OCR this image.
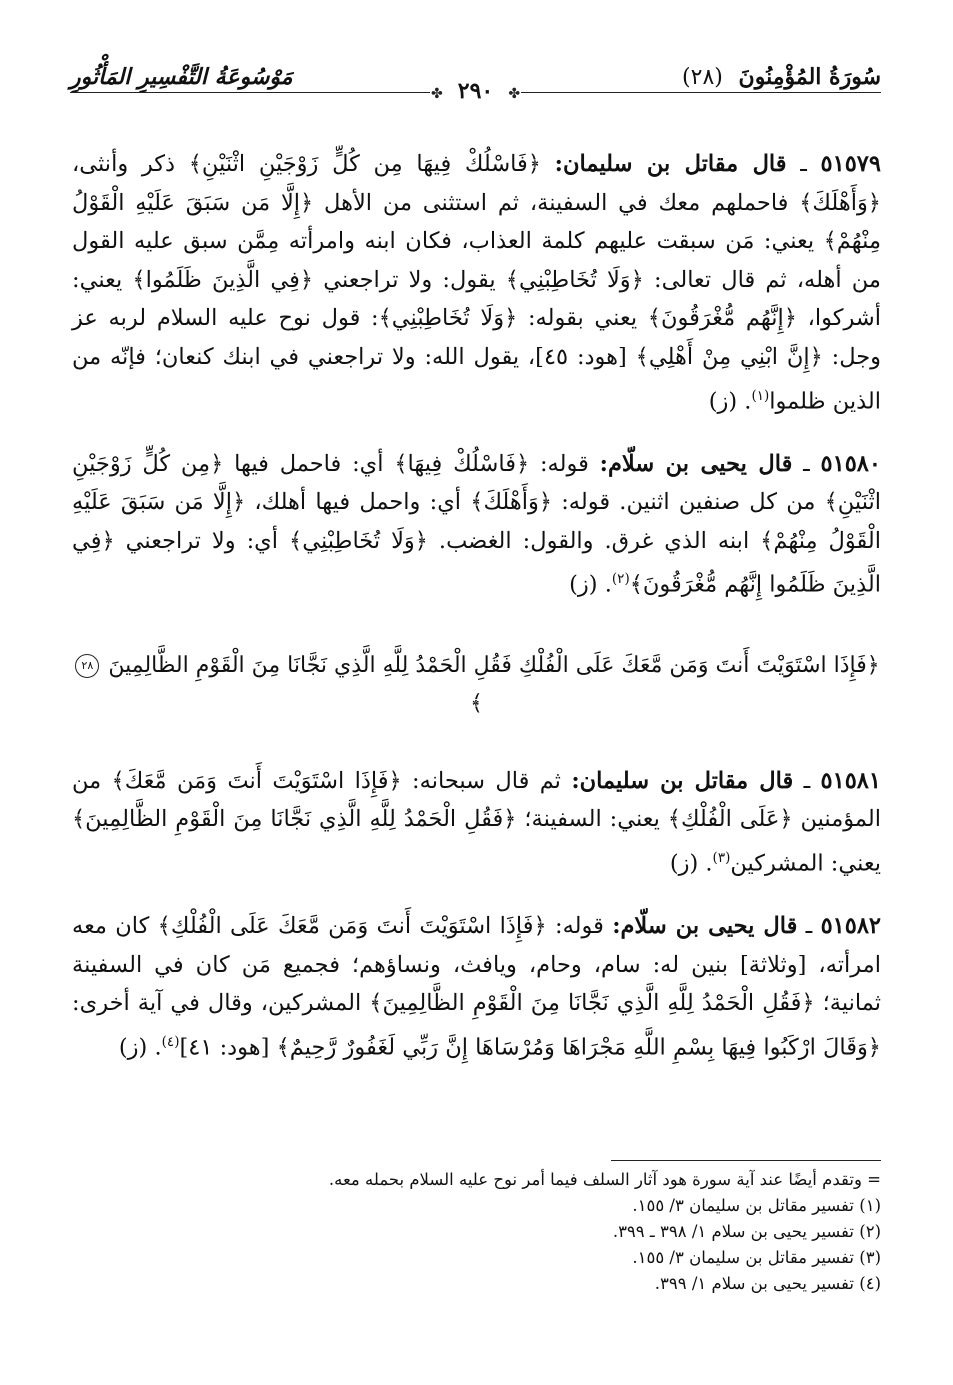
سُورَةُ المُؤْمِنُونَ (٢٨)
مَوْسُوعَةُ التَّفْسِيرِ المَأْثُورِ
✤ ٢٩٠ ✤

٥١٥٧٩ ـ قال مقاتل بن سليمان: ﴿فَاسْلُكْ فِيهَا مِن كُلٍّ زَوْجَيْنِ اثْنَيْنِ﴾ ذكر وأنثى، ﴿وَأَهْلَكَ﴾ فاحملهم معك في السفينة، ثم استثنى من الأهل ﴿إِلَّا مَن سَبَقَ عَلَيْهِ الْقَوْلُ مِنْهُمْ﴾ يعني: مَن سبقت عليهم كلمة العذاب، فكان ابنه وامرأته مِمَّن سبق عليه القول من أهله، ثم قال تعالى: ﴿وَلَا تُخَاطِبْنِي﴾ يقول: ولا تراجعني ﴿فِي الَّذِينَ ظَلَمُوا﴾ يعني: أشركوا، ﴿إِنَّهُم مُّغْرَقُونَ﴾ يعني بقوله: ﴿وَلَا تُخَاطِبْنِي﴾: قول نوح عليه السلام لربه عز وجل: ﴿إِنَّ ابْنِي مِنْ أَهْلِي﴾ [هود: ٤٥]، يقول الله: ولا تراجعني في ابنك كنعان؛ فإنّه من الذين ظلموا$^{(١)}$. (ز)

٥١٥٨٠ ـ قال يحيى بن سلّام: قوله: ﴿فَاسْلُكْ فِيهَا﴾ أي: فاحمل فيها ﴿مِن كُلٍّ زَوْجَيْنِ اثْنَيْنِ﴾ من كل صنفين اثنين. قوله: ﴿وَأَهْلَكَ﴾ أي: واحمل فيها أهلك، ﴿إِلَّا مَن سَبَقَ عَلَيْهِ الْقَوْلُ مِنْهُمْ﴾ ابنه الذي غرق. والقول: الغضب. ﴿وَلَا تُخَاطِبْنِي﴾ أي: ولا تراجعني ﴿فِي الَّذِينَ ظَلَمُوا إِنَّهُم مُّغْرَقُونَ﴾$^{(٢)}$. (ز)

﴿فَإِذَا اسْتَوَيْتَ أَنتَ وَمَن مَّعَكَ عَلَى الْفُلْكِ فَقُلِ الْحَمْدُ لِلَّهِ الَّذِي نَجَّانَا مِنَ الْقَوْمِ الظَّالِمِينَ ٢٨﴾

٥١٥٨١ ـ قال مقاتل بن سليمان: ثم قال سبحانه: ﴿فَإِذَا اسْتَوَيْتَ أَنتَ وَمَن مَّعَكَ﴾ من المؤمنين ﴿عَلَى الْفُلْكِ﴾ يعني: السفينة؛ ﴿فَقُلِ الْحَمْدُ لِلَّهِ الَّذِي نَجَّانَا مِنَ الْقَوْمِ الظَّالِمِينَ﴾ يعني: المشركين$^{(٣)}$. (ز)

٥١٥٨٢ ـ قال يحيى بن سلّام: قوله: ﴿فَإِذَا اسْتَوَيْتَ أَنتَ وَمَن مَّعَكَ عَلَى الْفُلْكِ﴾ كان معه امرأته، [وثلاثة] بنين له: سام، وحام، ويافث، ونساؤهم؛ فجميع مَن كان في السفينة ثمانية؛ ﴿فَقُلِ الْحَمْدُ لِلَّهِ الَّذِي نَجَّانَا مِنَ الْقَوْمِ الظَّالِمِينَ﴾ المشركين، وقال في آية أخرى: ﴿وَقَالَ ارْكَبُوا فِيهَا بِسْمِ اللَّهِ مَجْرَاهَا وَمُرْسَاهَا إِنَّ رَبِّي لَغَفُورٌ رَّحِيمٌ﴾ [هود: ٤١]$^{(٤)}$. (ز)

= وتقدم أيضًا عند آية سورة هود آثار السلف فيما أمر نوح عليه السلام بحمله معه.

(١) تفسير مقاتل بن سليمان ٣/ ١٥٥.

(٢) تفسير يحيى بن سلام ١/ ٣٩٨ ـ ٣٩٩.

(٣) تفسير مقاتل بن سليمان ٣/ ١٥٥.

(٤) تفسير يحيى بن سلام ١/ ٣٩٩.
